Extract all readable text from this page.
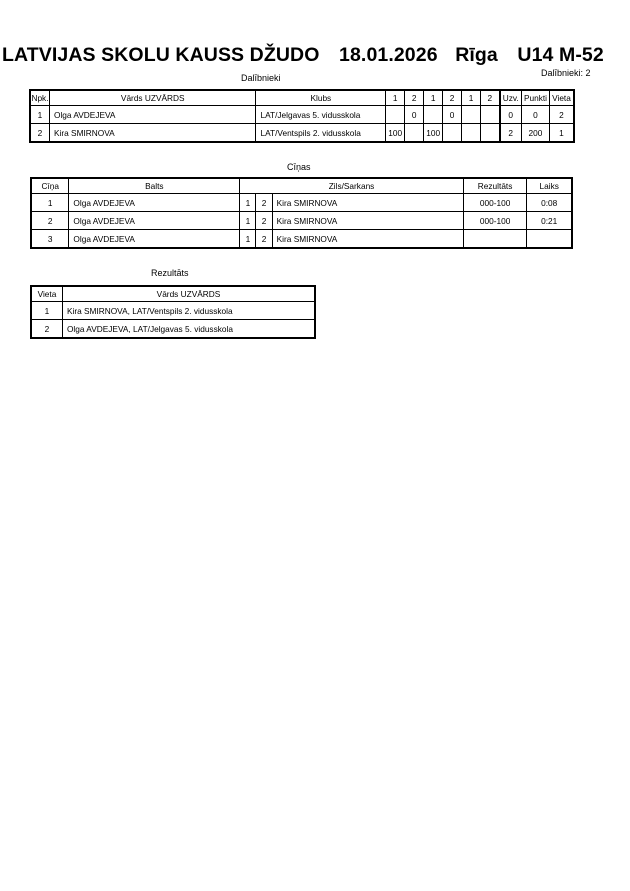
LATVIJAS SKOLU KAUSS DŽUDO 18.01.2026 Rīga U14 M-52
Dalībnieki	Dalībnieki: 2
Npk.	Vārds UZVĀRDS	Klubs	1	2	1	2	1	2	Uzv.	Punkti	Vieta
1	Olga AVDEJEVA	LAT/Jelgavas 5. vidusskola		0		0			0	0	2
2	Kira SMIRNOVA	LAT/Ventspils 2. vidusskola	100		100				2	200	1
Cīņas
Cīņa	Balts	Zils/Sarkans			Rezultāts	Laiks
1	Olga AVDEJEVA	1	2	Kira SMIRNOVA	000-100	0:08
2	Olga AVDEJEVA	1	2	Kira SMIRNOVA	000-100	0:21
3	Olga AVDEJEVA	1	2	Kira SMIRNOVA		
Rezultāts
Vieta	Vārds UZVĀRDS
1	Kira SMIRNOVA, LAT/Ventspils 2. vidusskola
2	Olga AVDEJEVA, LAT/Jelgavas 5. vidusskola
